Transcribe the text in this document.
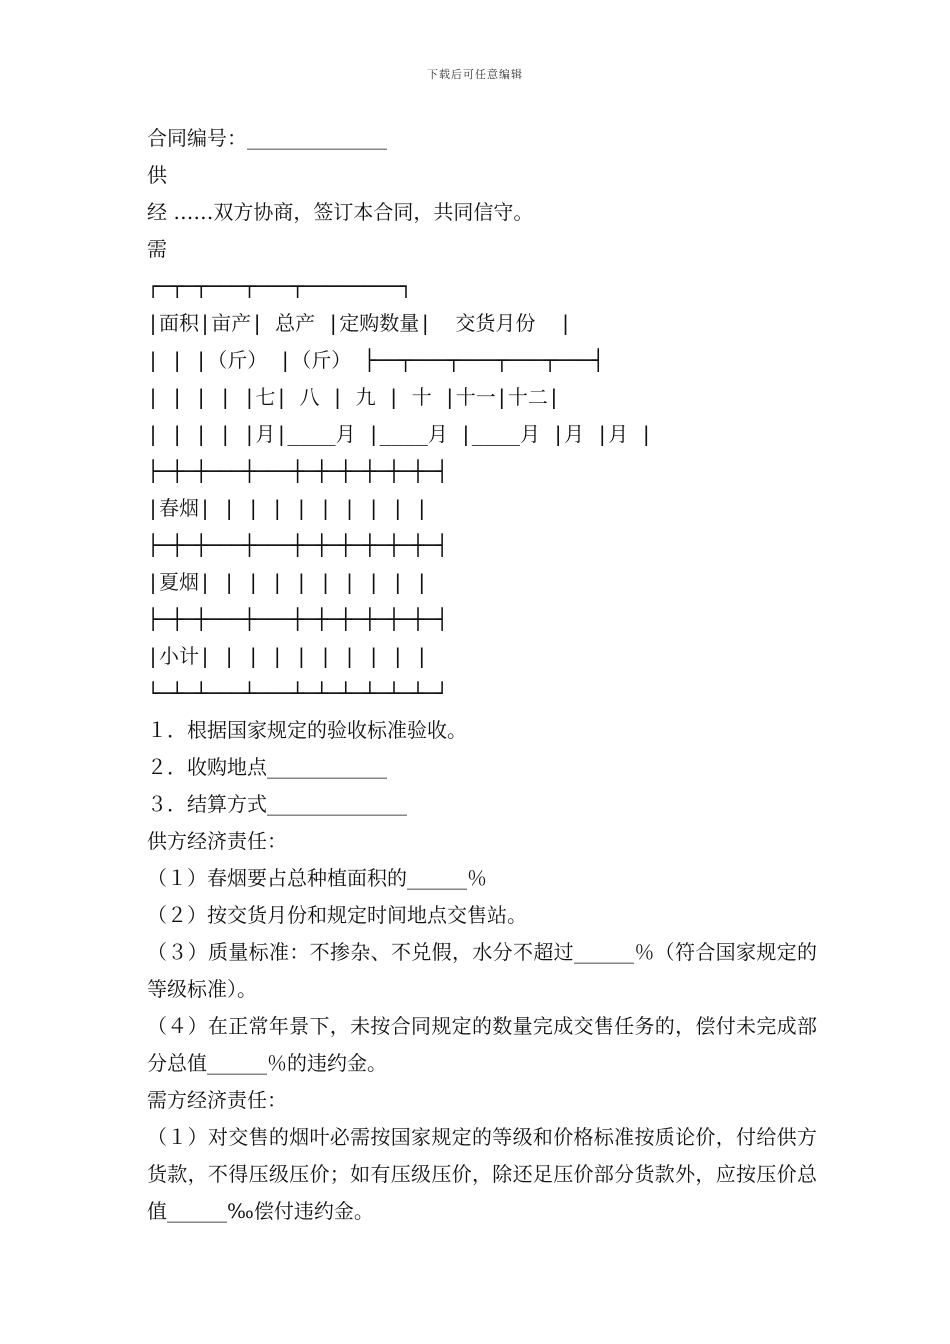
下载后可任意编辑
合同编号：______________
供
经 ……双方协商，签订本合同，共同信守。
需
┌─┬─┬───┬───┬────────┐
|面积|亩产| 总产 |定购数量|  交货月份  |
| | |（斤） |（斤） ├──┬───┬───┬───┬───┤
| | | | |七| 八 | 九 | 十 |十一|十二|
| | | | |月|____月 |____月 |____月 |月 |月 |
├─┼─┼───┼───┼─┼─┼─┼─┼─┼─┤
|春烟| | | | | | | | | |
├─┼─┼───┼───┼─┼─┼─┼─┼─┼─┤
|夏烟| | | | | | | | | |
├─┼─┼───┼───┼─┼─┼─┼─┼─┼─┤
|小计| | | | | | | | | |
└─┴─┴───┴───┴─┴─┴─┴─┴─┴─┘
１．根据国家规定的验收标准验收。
２．收购地点____________
３．结算方式______________
供方经济责任：
（１）春烟要占总种植面积的______％
（２）按交货月份和规定时间地点交售站。
（３）质量标准：不掺杂、不兑假，水分不超过______％（符合国家规定的等级标准）。
（４）在正常年景下，未按合同规定的数量完成交售任务的，偿付未完成部分总值______％的违约金。
需方经济责任：
（１）对交售的烟叶必需按国家规定的等级和价格标准按质论价，付给供方货款，不得压级压价；如有压级压价，除还足压价部分货款外，应按压价总值______‰偿付违约金。
